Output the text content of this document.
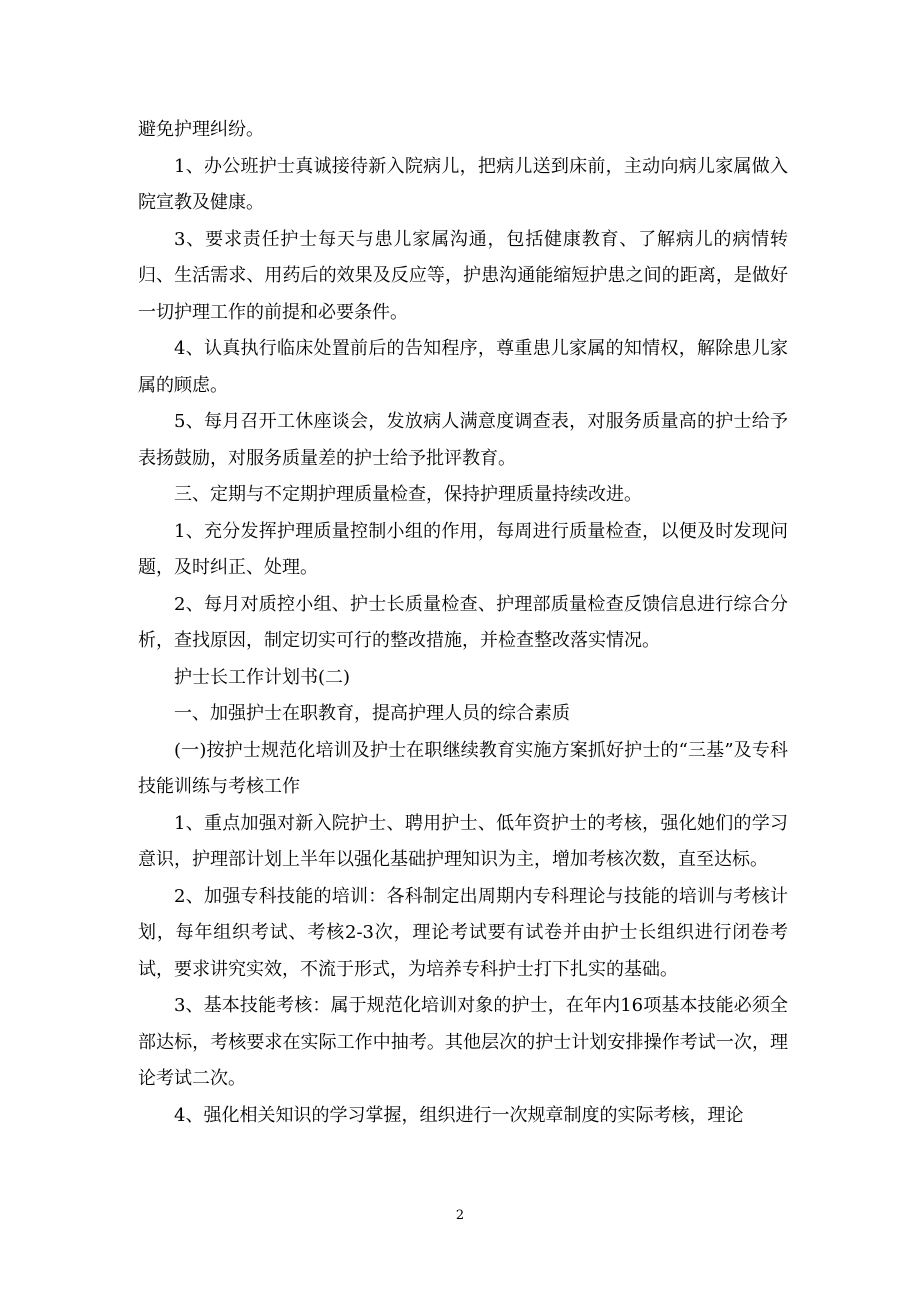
避免护理纠纷。

1、办公班护士真诚接待新入院病儿，把病儿送到床前，主动向病儿家属做入院宣教及健康。

3、要求责任护士每天与患儿家属沟通，包括健康教育、了解病儿的病情转归、生活需求、用药后的效果及反应等，护患沟通能缩短护患之间的距离，是做好一切护理工作的前提和必要条件。

4、认真执行临床处置前后的告知程序，尊重患儿家属的知情权，解除患儿家属的顾虑。

5、每月召开工休座谈会，发放病人满意度调查表，对服务质量高的护士给予表扬鼓励，对服务质量差的护士给予批评教育。

三、定期与不定期护理质量检查，保持护理质量持续改进。

1、充分发挥护理质量控制小组的作用，每周进行质量检查，以便及时发现问题，及时纠正、处理。

2、每月对质控小组、护士长质量检查、护理部质量检查反馈信息进行综合分析，查找原因，制定切实可行的整改措施，并检查整改落实情况。

护士长工作计划书(二)

一、加强护士在职教育，提高护理人员的综合素质

(一)按护士规范化培训及护士在职继续教育实施方案抓好护士的“三基”及专科技能训练与考核工作

1、重点加强对新入院护士、聘用护士、低年资护士的考核，强化她们的学习意识，护理部计划上半年以强化基础护理知识为主，增加考核次数，直至达标。

2、加强专科技能的培训：各科制定出周期内专科理论与技能的培训与考核计划，每年组织考试、考核2-3次，理论考试要有试卷并由护士长组织进行闭卷考试，要求讲究实效，不流于形式，为培养专科护士打下扎实的基础。

3、基本技能考核：属于规范化培训对象的护士，在年内16项基本技能必须全部达标，考核要求在实际工作中抽考。其他层次的护士计划安排操作考试一次，理论考试二次。

4、强化相关知识的学习掌握，组织进行一次规章制度的实际考核，理论

2
